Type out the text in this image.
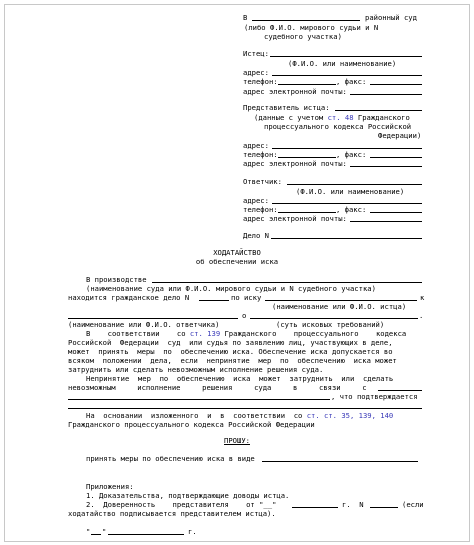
В	районный суд
(либо Ф.И.О. мирового судьи и N
судебного участка)
Истец:
(Ф.И.О. или наименование)
адрес:
телефон:	, факс:
адрес электронной почты:
Представитель истца:
(данные с учетом ст. 48 Гражданского
процессуального кодекса Российской
Федерации)
адрес:
телефон:	, факс:
адрес электронной почты:
Ответчик:
(Ф.И.О. или наименование)
адрес:
телефон:	, факс:
адрес электронной почты:
Дело N
ХОДАТАЙСТВО
об обеспечении иска
В производстве
(наименование суда или Ф.И.О. мирового судьи и N судебного участка)
находится гражданское дело N	по иску	к
(наименование или Ф.И.О. истца)
о	.
(наименование или Ф.И.О. ответчика)	(суть исковых требований)
В    соответствии    со ст. 139 Гражданского    процессуального    кодекса
Российской  Федерации  суд  или судья по заявлению лиц, участвующих в деле,
может  принять  меры  по  обеспечению иска. Обеспечение иска допускается во
всяком  положении  дела,  если  непринятие  мер  по  обеспечению  иска может
затруднить или сделать невозможным исполнение решения суда.
Непринятие  мер  по  обеспечению  иска  может  затруднить  или  сделать
невозможным     исполнение     решения     суда     в     связи     с
, что подтверждается
На  основании  изложенного  и  в  соответствии  со ст. ст. 35, 139, 140
Гражданского процессуального кодекса Российской Федерации
ПРОШУ:
принять меры по обеспечению иска в виде
Приложения:
1. Доказательства, подтверждающие доводы истца.
2.  Доверенность    представителя    от "__"	г.  N	(если
ходатайство подписывается представителем истца).
" "	г.
